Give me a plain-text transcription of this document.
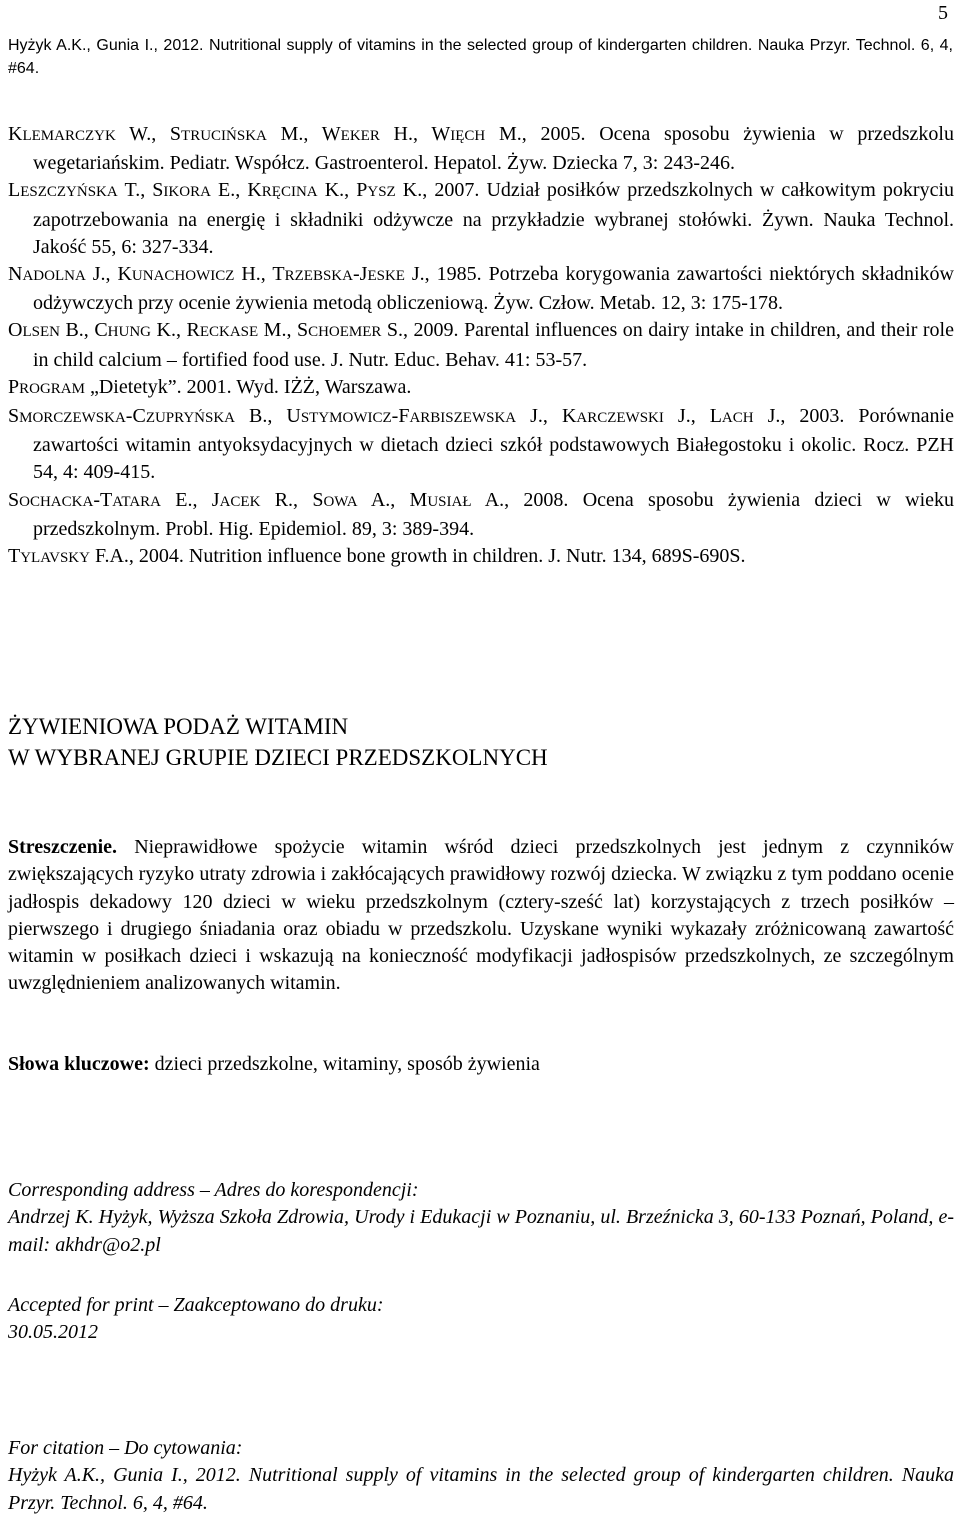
5
Hyżyk A.K., Gunia I., 2012. Nutritional supply of vitamins in the selected group of kindergarten children. Nauka Przyr. Technol. 6, 4, #64.

KLEMARCZYK W., STRUCIŃSKA M., WEKER H., WIĘCH M., 2005. Ocena sposobu żywienia w przedszkolu wegetariańskim. Pediatr. Współcz. Gastroenterol. Hepatol. Żyw. Dziecka 7, 3: 243-246.

LESZCZYŃSKA T., SIKORA E., KRĘCINA K., PYSZ K., 2007. Udział posiłków przedszkolnych w całkowitym pokryciu zapotrzebowania na energię i składniki odżywcze na przykładzie wybranej stołówki. Żywn. Nauka Technol. Jakość 55, 6: 327-334.

NADOLNA J., KUNACHOWICZ H., TRZEBSKA-JESKE J., 1985. Potrzeba korygowania zawartości niektórych składników odżywczych przy ocenie żywienia metodą obliczeniową. Żyw. Człow. Metab. 12, 3: 175-178.

OLSEN B., CHUNG K., RECKASE M., SCHOEMER S., 2009. Parental influences on dairy intake in children, and their role in child calcium – fortified food use. J. Nutr. Educ. Behav. 41: 53-57.

PROGRAM „Dietetyk”. 2001. Wyd. IŻŻ, Warszawa.

SMORCZEWSKA-CZUPRYŃSKA B., USTYMOWICZ-FARBISZEWSKA J., KARCZEWSKI J., LACH J., 2003. Porównanie zawartości witamin antyoksydacyjnych w dietach dzieci szkół podstawowych Białegostoku i okolic. Rocz. PZH 54, 4: 409-415.

SOCHACKA-TATARA E., JACEK R., SOWA A., MUSIAŁ A., 2008. Ocena sposobu żywienia dzieci w wieku przedszkolnym. Probl. Hig. Epidemiol. 89, 3: 389-394.

TYLAVSKY F.A., 2004. Nutrition influence bone growth in children. J. Nutr. 134, 689S-690S.

ŻYWIENIOWA PODAŻ WITAMIN
W WYBRANEJ GRUPIE DZIECI PRZEDSZKOLNYCH
Streszczenie. Nieprawidłowe spożycie witamin wśród dzieci przedszkolnych jest jednym z czynników zwiększających ryzyko utraty zdrowia i zakłócających prawidłowy rozwój dziecka. W związku z tym poddano ocenie jadłospis dekadowy 120 dzieci w wieku przedszkolnym (cztery-sześć lat) korzystających z trzech posiłków – pierwszego i drugiego śniadania oraz obiadu w przedszkolu. Uzyskane wyniki wykazały zróżnicowaną zawartość witamin w posiłkach dzieci i wskazują na konieczność modyfikacji jadłospisów przedszkolnych, ze szczególnym uwzględnieniem analizowanych witamin.
Słowa kluczowe: dzieci przedszkolne, witaminy, sposób żywienia
Corresponding address – Adres do korespondencji:
Andrzej K. Hyżyk, Wyższa Szkoła Zdrowia, Urody i Edukacji w Poznaniu, ul. Brzeźnicka 3, 60-133 Poznań, Poland, e-mail: akhdr@o2.pl
Accepted for print – Zaakceptowano do druku:
30.05.2012
For citation – Do cytowania:
Hyżyk A.K., Gunia I., 2012. Nutritional supply of vitamins in the selected group of kindergarten children. Nauka Przyr. Technol. 6, 4, #64.
